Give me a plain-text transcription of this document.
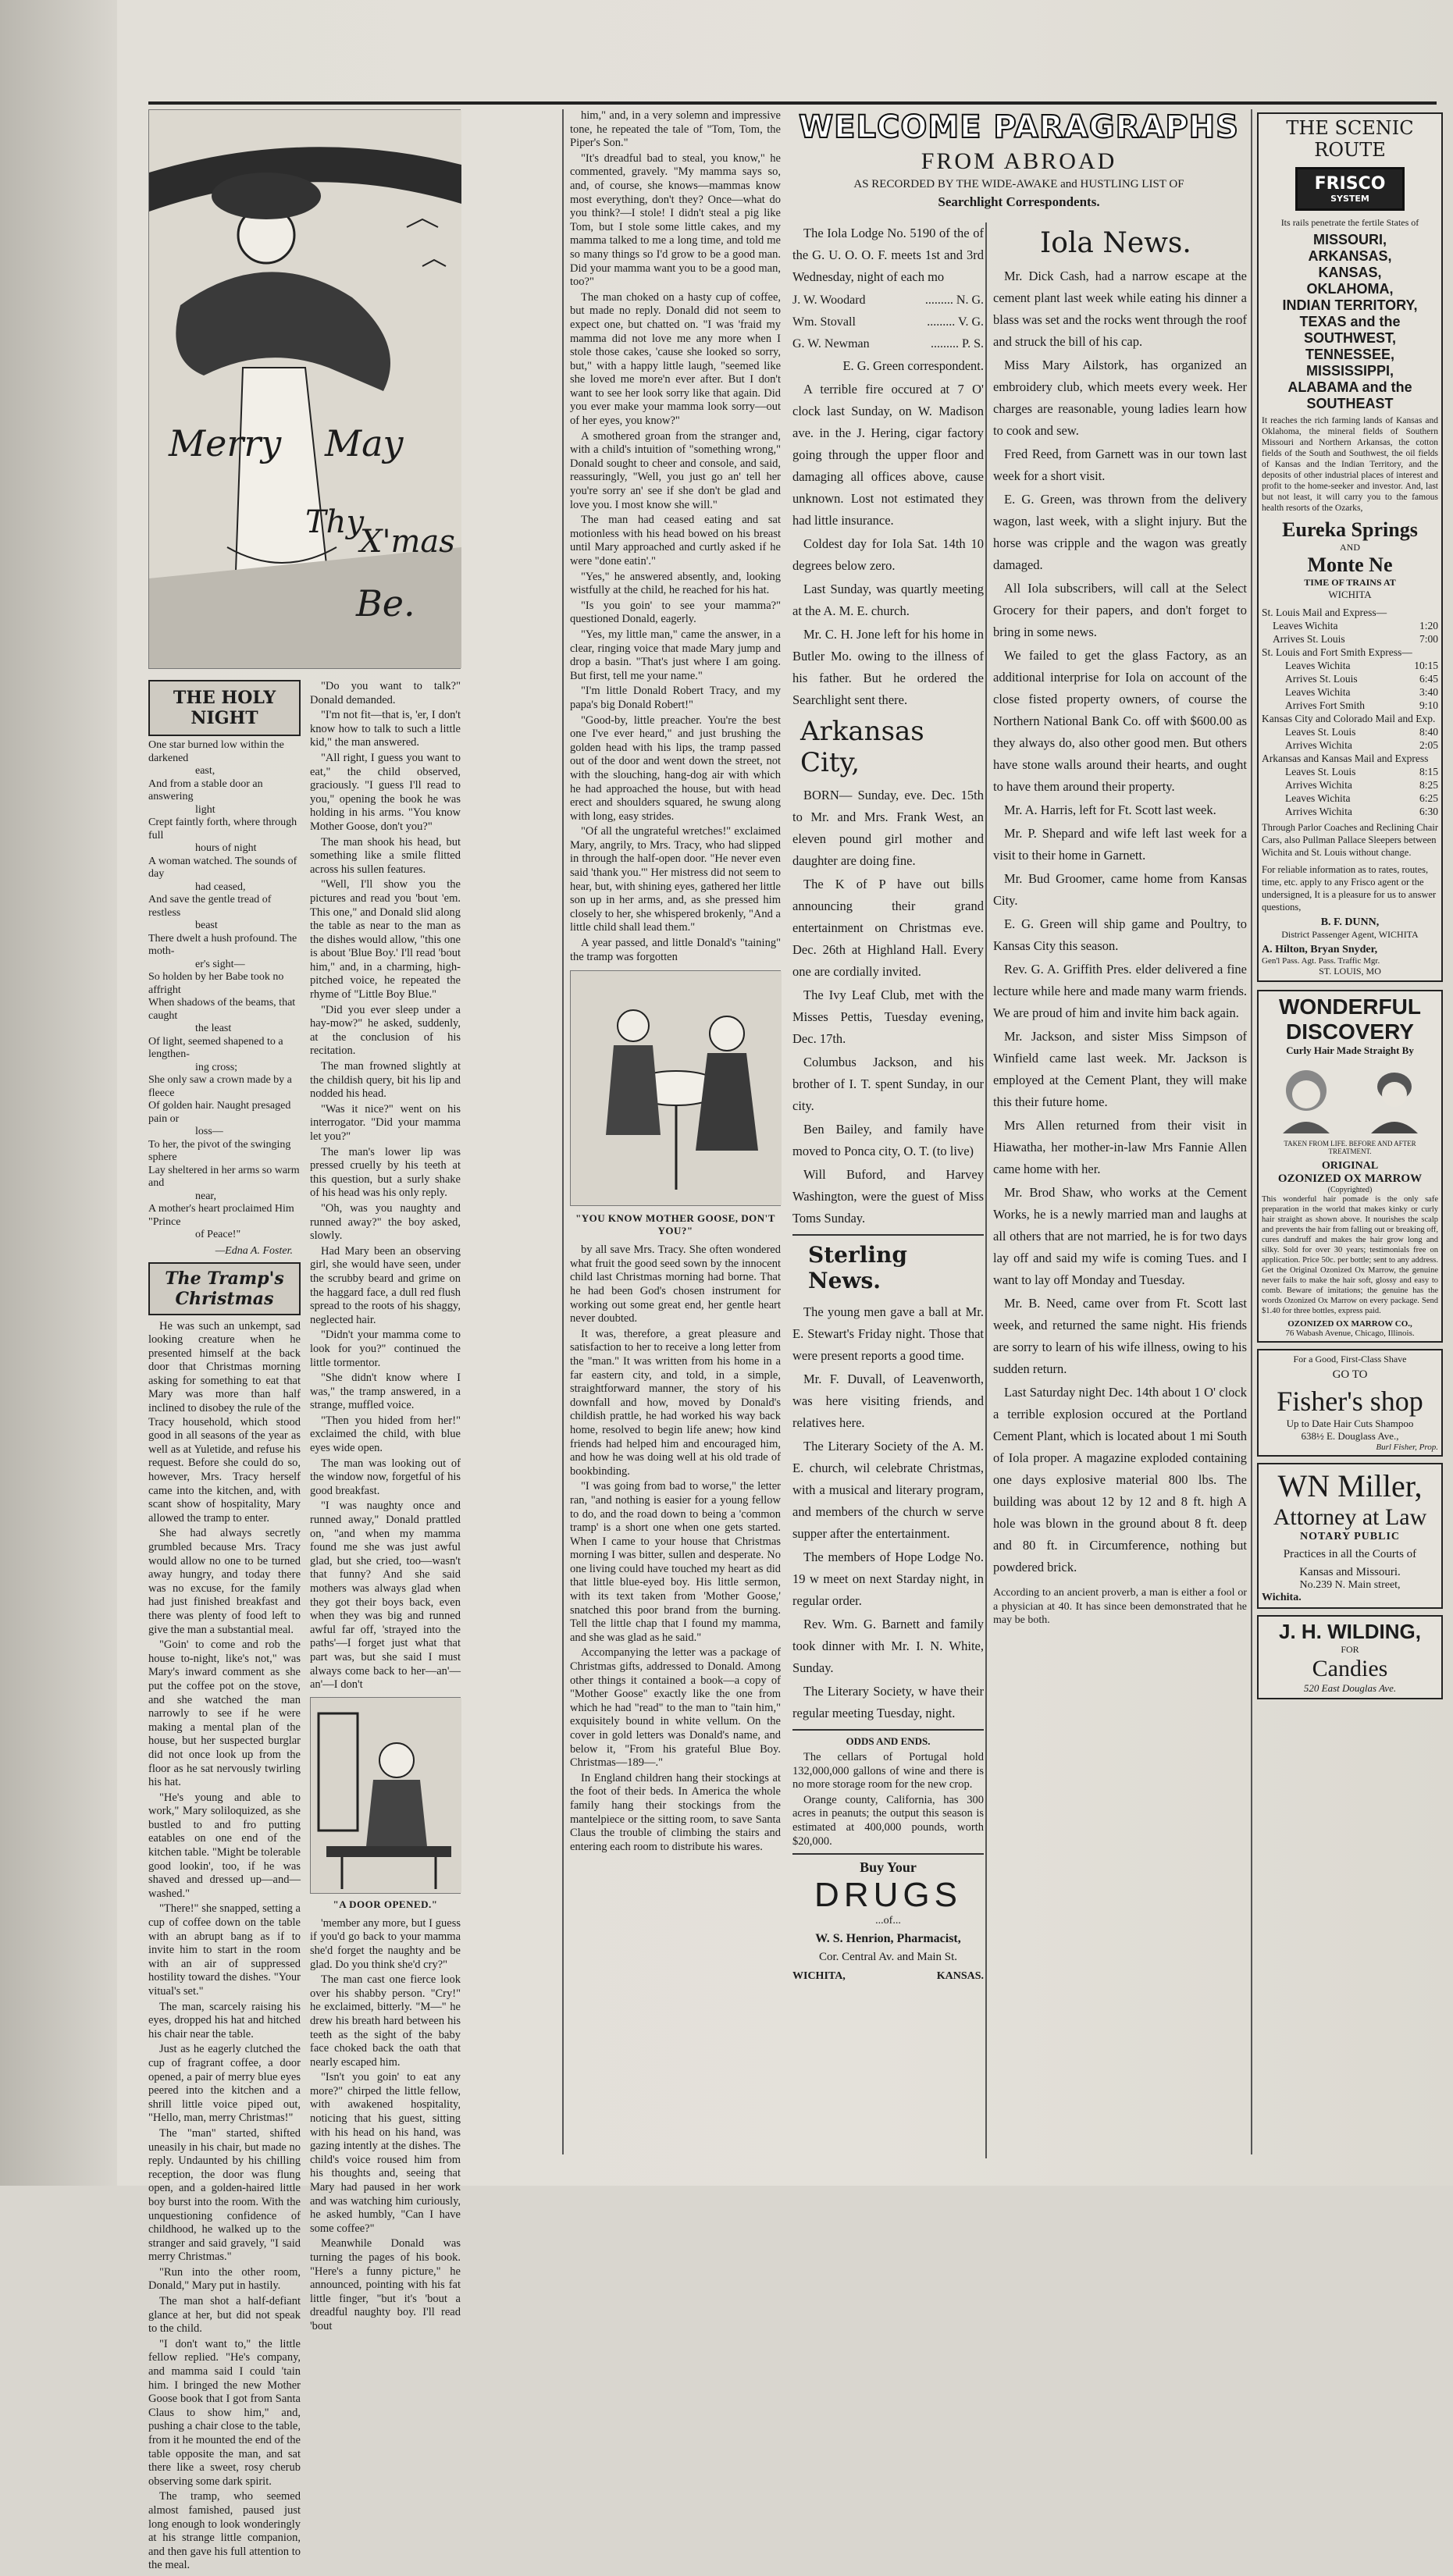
Merry May
Thy
X'mas
Be.
THE HOLY NIGHT
One star burned low within the darkened
east,
And from a stable door an answering
light
Crept faintly forth, where through full
hours of night
A woman watched. The sounds of day
had ceased,
And save the gentle tread of restless
beast
There dwelt a hush profound. The moth-
er's sight—
So holden by her Babe took no affright
When shadows of the beams, that caught
the least
Of light, seemed shapened to a lengthen-
ing cross;
She only saw a crown made by a fleece
Of golden hair. Naught presaged pain or
loss—
To her, the pivot of the swinging sphere
Lay sheltered in her arms so warm and
near,
A mother's heart proclaimed Him "Prince
of Peace!"
—Edna A. Foster.
The Tramp's Christmas

He was such an unkempt, sad looking creature when he presented himself at the back door that Christmas morning asking for something to eat that Mary was more than half inclined to disobey the rule of the Tracy household, which stood good in all seasons of the year as well as at Yuletide, and refuse his request. Before she could do so, however, Mrs. Tracy herself came into the kitchen, and, with scant show of hospitality, Mary allowed the tramp to enter.

She had always secretly grumbled because Mrs. Tracy would allow no one to be turned away hungry, and today there was no excuse, for the family had just finished breakfast and there was plenty of food left to give the man a substantial meal.

"Goin' to come and rob the house to-night, like's not," was Mary's inward comment as she put the coffee pot on the stove, and she watched the man narrowly to see if he were making a mental plan of the house, but her suspected burglar did not once look up from the floor as he sat nervously twirling his hat.

"He's young and able to work," Mary soliloquized, as she bustled to and fro putting eatables on one end of the kitchen table. "Might be tolerable good lookin', too, if he was shaved and dressed up—and—washed."

"There!" she snapped, setting a cup of coffee down on the table with an abrupt bang as if to invite him to start in the room with an air of suppressed hostility toward the dishes. "Your vitual's set."

The man, scarcely raising his eyes, dropped his hat and hitched his chair near the table.

Just as he eagerly clutched the cup of fragrant coffee, a door opened, a pair of merry blue eyes peered into the kitchen and a shrill little voice piped out, "Hello, man, merry Christmas!"

The "man" started, shifted uneasily in his chair, but made no reply. Undaunted by his chilling reception, the door was flung open, and a golden-haired little boy burst into the room. With the unquestioning confidence of childhood, he walked up to the stranger and said gravely, "I said merry Christmas."

"Run into the other room, Donald," Mary put in hastily.

The man shot a half-defiant glance at her, but did not speak to the child.

"I don't want to," the little fellow replied. "He's company, and mamma said I could 'tain him. I bringed the new Mother Goose book that I got from Santa Claus to show him," and, pushing a chair close to the table, from it he mounted the end of the table opposite the man, and sat there like a sweet, rosy cherub observing some dark spirit.

The tramp, who seemed almost famished, paused just long enough to look wonderingly at his strange little companion, and then gave his full attention to the meal.

"Do you want to talk?" Donald demanded.

"I'm not fit—that is, 'er, I don't know how to talk to such a little kid," the man answered.

"All right, I guess you want to eat," the child observed, graciously. "I guess I'll read to you," opening the book he was holding in his arms. "You know Mother Goose, don't you?"

The man shook his head, but something like a smile flitted across his sullen features.

"Well, I'll show you the pictures and read you 'bout 'em. This one," and Donald slid along the table as near to the man as the dishes would allow, "this one is about 'Blue Boy.' I'll read 'bout him," and, in a charming, high-pitched voice, he repeated the rhyme of "Little Boy Blue."

"Did you ever sleep under a hay-mow?" he asked, suddenly, at the conclusion of his recitation.

The man frowned slightly at the childish query, bit his lip and nodded his head.

"Was it nice?" went on his interrogator. "Did your mamma let you?"

The man's lower lip was pressed cruelly by his teeth at this question, but a surly shake of his head was his only reply.

"Oh, was you naughty and runned away?" the boy asked, slowly.

Had Mary been an observing girl, she would have seen, under the scrubby beard and grime on the haggard face, a dull red flush spread to the roots of his shaggy, neglected hair.

"Didn't your mamma come to look for you?" continued the little tormentor.

"She didn't know where I was," the tramp answered, in a strange, muffled voice.

"Then you hided from her!" exclaimed the child, with blue eyes wide open.

The man was looking out of the window now, forgetful of his good breakfast.

"I was naughty once and runned away," Donald prattled on, "and when my mamma found me she was just awful glad, but she cried, too—wasn't that funny? And she said mothers was always glad when they got their boys back, even when they was big and runned awful far off, 'strayed into the paths'—I forget just what that part was, but she said I must always come back to her—an'—an'—I don't

"A DOOR OPENED."

'member any more, but I guess if you'd go back to your mamma she'd forget the naughty and be glad. Do you think she'd cry?"

The man cast one fierce look over his shabby person. "Cry!" he exclaimed, bitterly. "M—" he drew his breath hard between his teeth as the sight of the baby face choked back the oath that nearly escaped him.

"Isn't you goin' to eat any more?" chirped the little fellow, with awakened hospitality, noticing that his guest, sitting with his head on his hand, was gazing intently at the dishes. The child's voice roused him from his thoughts and, seeing that Mary had paused in her work and was watching him curiously, he asked humbly, "Can I have some coffee?"

Meanwhile Donald was turning the pages of his book. "Here's a funny picture," he announced, pointing with his fat little finger, "but it's 'bout a dreadful naughty boy. I'll read 'bout

him," and, in a very solemn and impressive tone, he repeated the tale of "Tom, Tom, the Piper's Son."

"It's dreadful bad to steal, you know," he commented, gravely. "My mamma says so, and, of course, she knows—mammas know most everything, don't they? Once—what do you think?—I stole! I didn't steal a pig like Tom, but I stole some little cakes, and my mamma talked to me a long time, and told me so many things so I'd grow to be a good man. Did your mamma want you to be a good man, too?"

The man choked on a hasty cup of coffee, but made no reply. Donald did not seem to expect one, but chatted on. "I was 'fraid my mamma did not love me any more when I stole those cakes, 'cause she looked so sorry, but," with a happy little laugh, "seemed like she loved me more'n ever after. But I don't want to see her look sorry like that again. Did you ever make your mamma look sorry—out of her eyes, you know?"

A smothered groan from the stranger and, with a child's intuition of "something wrong," Donald sought to cheer and console, and said, reassuringly, "Well, you just go an' tell her you're sorry an' see if she don't be glad and love you. I most know she will."

The man had ceased eating and sat motionless with his head bowed on his breast until Mary approached and curtly asked if he were "done eatin'."

"Yes," he answered absently, and, looking wistfully at the child, he reached for his hat.

"Is you goin' to see your mamma?" questioned Donald, eagerly.

"Yes, my little man," came the answer, in a clear, ringing voice that made Mary jump and drop a basin. "That's just where I am going. But first, tell me your name."

"I'm little Donald Robert Tracy, and my papa's big Donald Robert!"

"Good-by, little preacher. You're the best one I've ever heard," and just brushing the golden head with his lips, the tramp passed out of the door and went down the street, not with the slouching, hang-dog air with which he had approached the house, but with head erect and shoulders squared, he swung along with long, easy strides.

"Of all the ungrateful wretches!" exclaimed Mary, angrily, to Mrs. Tracy, who had slipped in through the half-open door. "He never even said 'thank you.'" Her mistress did not seem to hear, but, with shining eyes, gathered her little son up in her arms, and, as she pressed him closely to her, she whispered brokenly, "And a little child shall lead them."

A year passed, and little Donald's "taining" the tramp was forgotten

"YOU KNOW MOTHER GOOSE, DON'T YOU?"

by all save Mrs. Tracy. She often wondered what fruit the good seed sown by the innocent child last Christmas morning had borne. That he had been God's chosen instrument for working out some great end, her gentle heart never doubted.

It was, therefore, a great pleasure and satisfaction to her to receive a long letter from the "man." It was written from his home in a far eastern city, and told, in a simple, straightforward manner, the story of his downfall and how, moved by Donald's childish prattle, he had worked his way back home, resolved to begin life anew; how kind friends had helped him and encouraged him, and how he was doing well at his old trade of bookbinding.

"I was going from bad to worse," the letter ran, "and nothing is easier for a young fellow to do, and the road down to being a 'common tramp' is a short one when one gets started. When I came to your house that Christmas morning I was bitter, sullen and desperate. No one living could have touched my heart as did that little blue-eyed boy. His little sermon, with its text taken from 'Mother Goose,' snatched this poor brand from the burning. Tell the little chap that I found my mamma, and she was glad as he said."

Accompanying the letter was a package of Christmas gifts, addressed to Donald. Among other things it contained a book—a copy of "Mother Goose" exactly like the one from which he had "read" to the man to "tain him," exquisitely bound in white vellum. On the cover in gold letters was Donald's name, and below it, "From his grateful Blue Boy. Christmas—189—."

In England children hang their stockings at the foot of their beds. In America the whole family hang their stockings from the mantelpiece or the sitting room, to save Santa Claus the trouble of climbing the stairs and entering each room to distribute his wares.

WELCOME PARAGRAPHS
FROM ABROAD
AS RECORDED BY THE WIDE-AWAKE and HUSTLING LIST OF
Searchlight Correspondents.
The Iola Lodge No. 5190 of the of the G. U. O. O. F. meets 1st and 3rd Wednesday, night of each mo
J. W. Woodard	......... N. G.
Wm. Stovall	......... V. G.
G. W. Newman	......... P. S.
E. G. Green correspondent.
A terrible fire occured at 7 O' clock last Sunday, on W. Madison ave. in the J. Hering, cigar factory going through the upper floor and damaging all offices above, cause unknown. Lost not estimated they had little insurance.
Coldest day for Iola Sat. 14th 10 degrees below zero.
Last Sunday, was quartly meeting at the A. M. E. church.
Mr. C. H. Jone left for his home in Butler Mo. owing to the illness of his father. But he ordered the Searchlight sent there.
Arkansas City,
BORN— Sunday, eve. Dec. 15th to Mr. and Mrs. Frank West, an eleven pound girl mother and daughter are doing fine.
The K of P have out bills announcing their grand entertainment on Christmas eve. Dec. 26th at Highland Hall. Every one are cordially invited.
The Ivy Leaf Club, met with the Misses Pettis, Tuesday evening, Dec. 17th.
Columbus Jackson, and his brother of I. T. spent Sunday, in our city.
Ben Bailey, and family have moved to Ponca city, O. T. (to live)
Will Buford, and Harvey Washington, were the guest of Miss Toms Sunday.
Sterling News.
The young men gave a ball at Mr. E. Stewart's Friday night. Those that were present reports a good time.
Mr. F. Duvall, of Leavenworth, was here visiting friends, and relatives here.
The Literary Society of the A. M. E. church, wil celebrate Christmas, with a musical and literary program, and members of the church w serve supper after the entertainment.
The members of Hope Lodge No. 19 w meet on next Starday night, in regular order.
Rev. Wm. G. Barnett and family took dinner with Mr. I. N. White, Sunday.
The Literary Society, w have their regular meeting Tuesday, night.
ODDS AND ENDS.

The cellars of Portugal hold 132,000,000 gallons of wine and there is no more storage room for the new crop.

Orange county, California, has 300 acres in peanuts; the output this season is estimated at 400,000 pounds, worth $20,000.

Buy Your
DRUGS
...of...
W. S. Henrion, Pharmacist,
Cor. Central Av. and Main St.
WICHITA,	KANSAS.
Iola News.
Mr. Dick Cash, had a narrow escape at the cement plant last week while eating his dinner a blass was set and the rocks went through the roof and struck the bill of his cap.
Miss Mary Ailstork, has organized an embroidery club, which meets every week. Her charges are reasonable, young ladies learn how to cook and sew.
Fred Reed, from Garnett was in our town last week for a short visit.
E. G. Green, was thrown from the delivery wagon, last week, with a slight injury. But the horse was cripple and the wagon was greatly damaged.
All Iola subscribers, will call at the Select Grocery for their papers, and don't forget to bring in some news.
We failed to get the glass Factory, as an additional interprise for Iola on account of the close fisted property owners, of course the Northern National Bank Co. off with $600.00 as they always do, also other good men. But others have stone walls around their hearts, and ought to have them around their property.
Mr. A. Harris, left for Ft. Scott last week.
Mr. P. Shepard and wife left last week for a visit to their home in Garnett.
Mr. Bud Groomer, came home from Kansas City.
E. G. Green will ship game and Poultry, to Kansas City this season.
Rev. G. A. Griffith Pres. elder delivered a fine lecture while here and made many warm friends. We are proud of him and invite him back again.
Mr. Jackson, and sister Miss Simpson of Winfield came last week. Mr. Jackson is employed at the Cement Plant, they will make this their future home.
Mrs Allen returned from their visit in Hiawatha, her mother-in-law Mrs Fannie Allen came home with her.
Mr. Brod Shaw, who works at the Cement Works, he is a newly married man and laughs at all others that are not married, he is for two days lay off and said my wife is coming Tues. and I want to lay off Monday and Tuesday.
Mr. B. Need, came over from Ft. Scott last week, and returned the same night. His friends are sorry to learn of his wife illness, owing to his sudden return.
Last Saturday night Dec. 14th about 1 O' clock a terrible explosion occured at the Portland Cement Plant, which is located about 1 mi South of Iola proper. A magazine exploded containing one days explosive material 800 lbs. The building was about 12 by 12 and 8 ft. high A hole was blown in the ground about 8 ft. deep and 80 ft. in Circumference, nothing but powdered brick.
According to an ancient proverb, a man is either a fool or a physician at 40. It has since been demonstrated that he may be both.
THE SCENIC ROUTE
FRISCO
SYSTEM
Its rails penetrate the fertile States of
MISSOURI,
ARKANSAS,
KANSAS,
OKLAHOMA,
INDIAN TERRITORY,
TEXAS and the
SOUTHWEST,
TENNESSEE,
MISSISSIPPI,
ALABAMA and the
SOUTHEAST
It reaches the rich farming lands of Kansas and Oklahoma, the mineral fields of Southern Missouri and Northern Arkansas, the cotton fields of the South and Southwest, the oil fields of Kansas and the Indian Territory, and the deposits of other industrial places of interest and profit to the home-seeker and investor. And, last but not least, it will carry you to the famous health resorts of the Ozarks,
Eureka Springs
AND
Monte Ne
TIME OF TRAINS AT
WICHITA
St. Louis Mail and Express—
Leaves Wichita	1:20
Arrives St. Louis	7:00
St. Louis and Fort Smith Express—
Leaves Wichita	10:15
Arrives St. Louis	6:45
Leaves Wichita	3:40
Arrives Fort Smith	9:10
Kansas City and Colorado Mail and Exp.
Leaves St. Louis	8:40
Arrives Wichita	2:05
Arkansas and Kansas Mail and Express
Leaves St. Louis	8:15
Arrives Wichita	8:25
Leaves Wichita	6:25
Arrives Wichita	6:30
Through Parlor Coaches and Reclining Chair Cars, also Pullman Pallace Sleepers between Wichita and St. Louis without change.
For reliable information as to rates, routes, time, etc. apply to any Frisco agent or the undersigned, It is a pleasure for us to answer questions,
B. F. DUNN,
District Passenger Agent, WICHITA
A. Hilton, Bryan Snyder,
Gen'l Pass. Agt. Pass. Traffic Mgr.
ST. LOUIS, MO
WONDERFUL
DISCOVERY
Curly Hair Made Straight By
TAKEN FROM LIFE. BEFORE AND AFTER TREATMENT.
ORIGINAL
OZONIZED OX MARROW
(Copyrighted)
This wonderful hair pomade is the only safe preparation in the world that makes kinky or curly hair straight as shown above. It nourishes the scalp and prevents the hair from falling out or breaking off, cures dandruff and makes the hair grow long and silky. Sold for over 30 years; testimonials free on application. Price 50c. per bottle; sent to any address. Get the Original Ozonized Ox Marrow, the genuine never fails to make the hair soft, glossy and easy to comb. Beware of imitations; the genuine has the words Ozonized Ox Marrow on every package. Send $1.40 for three bottles, express paid.
OZONIZED OX MARROW CO.,
76 Wabash Avenue, Chicago, Illinois.
For a Good, First-Class Shave
GO TO
Fisher's shop
Up to Date Hair Cuts Shampoo
638½ E. Douglass Ave.,
Burl Fisher, Prop.
WN Miller,
Attorney at Law
NOTARY PUBLIC
Practices in all the Courts of
Kansas and Missouri.
No.239 N. Main street,
Wichita.
J. H. WILDING,
FOR
Candies
520 East Douglas Ave.
